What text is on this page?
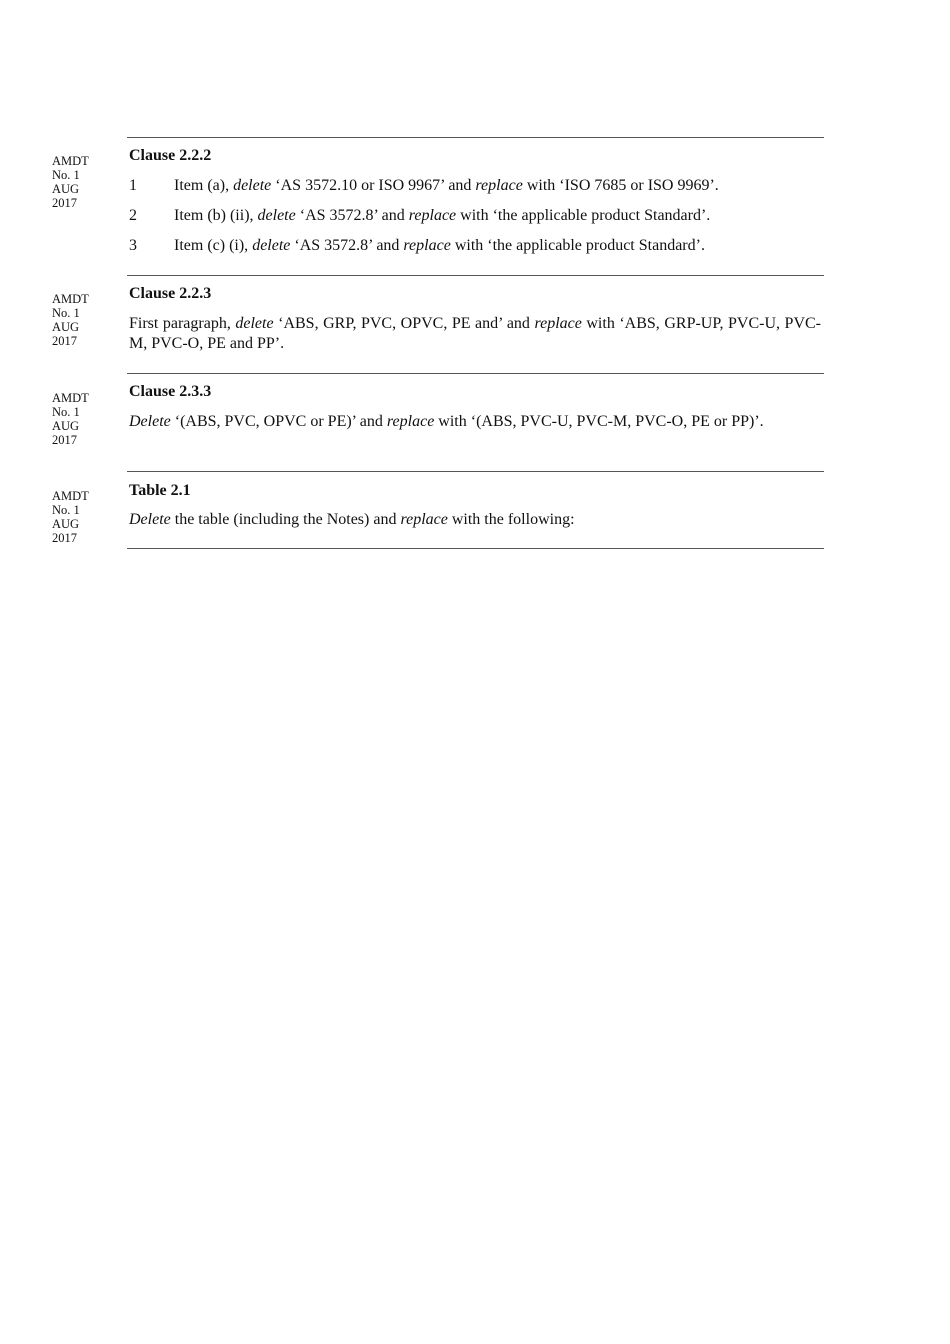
AMDT
No. 1
AUG
2017
Clause 2.2.2
1 Item (a), delete ‘AS 3572.10 or ISO 9967’ and replace with ‘ISO 7685 or ISO 9969’.
2 Item (b) (ii), delete ‘AS 3572.8’ and replace with ‘the applicable product Standard’.
3 Item (c) (i), delete ‘AS 3572.8’ and replace with ‘the applicable product Standard’.
AMDT
No. 1
AUG
2017
Clause 2.2.3
First paragraph, delete ‘ABS, GRP, PVC, OPVC, PE and’ and replace with ‘ABS, GRP-UP, PVC-U, PVC-M, PVC-O, PE and PP’.
AMDT
No. 1
AUG
2017
Clause 2.3.3
Delete ‘(ABS, PVC, OPVC or PE)’ and replace with ‘(ABS, PVC-U, PVC-M, PVC-O, PE or PP)’.
AMDT
No. 1
AUG
2017
Table 2.1
Delete the table (including the Notes) and replace with the following:
